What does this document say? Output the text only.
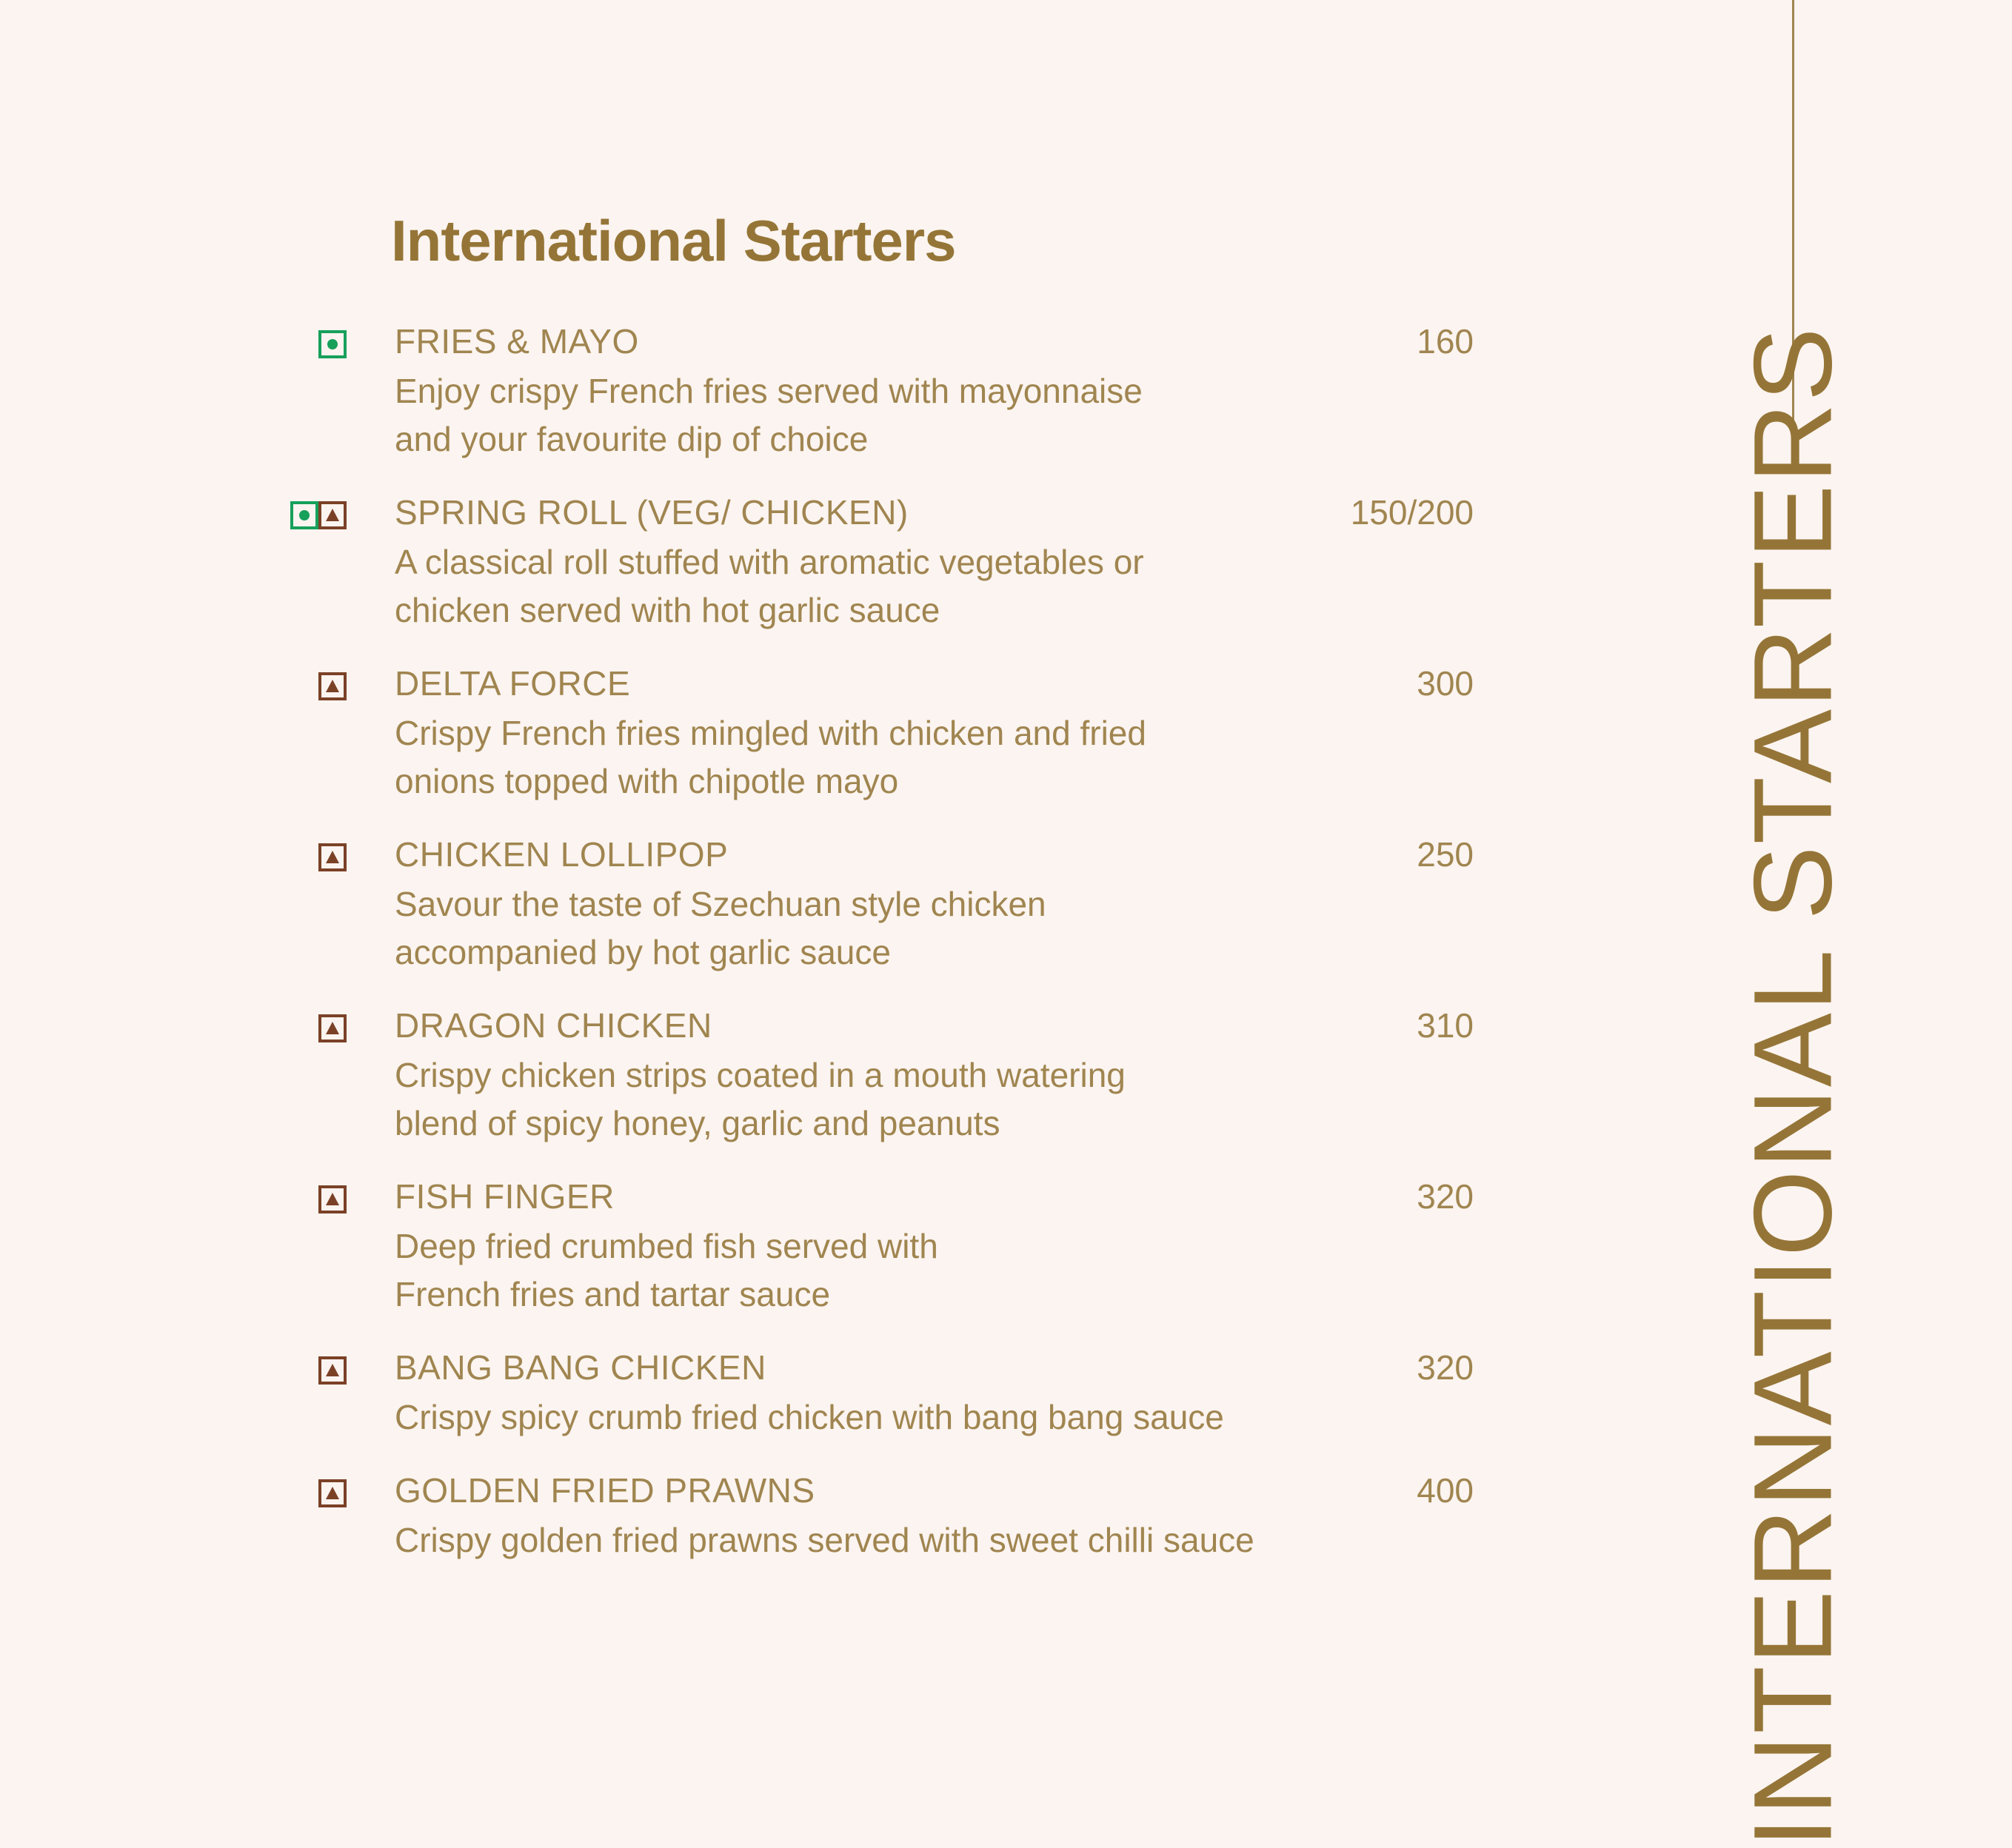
International Starters
FRIES & MAYO	160
Enjoy crispy French fries served with mayonnaise
and your favourite dip of choice
SPRING ROLL (VEG/ CHICKEN)	150/200
A classical roll stuffed with aromatic vegetables or
chicken served with hot garlic sauce
DELTA FORCE	300
Crispy French fries mingled with chicken and fried
onions topped with chipotle mayo
CHICKEN LOLLIPOP	250
Savour the taste of Szechuan style chicken
accompanied by hot garlic sauce
DRAGON CHICKEN	310
Crispy chicken strips coated in a mouth watering
blend of spicy honey, garlic and peanuts
FISH FINGER	320
Deep fried crumbed fish served with
French fries and tartar sauce
BANG BANG CHICKEN	320
Crispy spicy crumb fried chicken with bang bang sauce
GOLDEN FRIED PRAWNS	400
Crispy golden fried prawns served with sweet chilli sauce	INTERNATIONAL STARTERS
